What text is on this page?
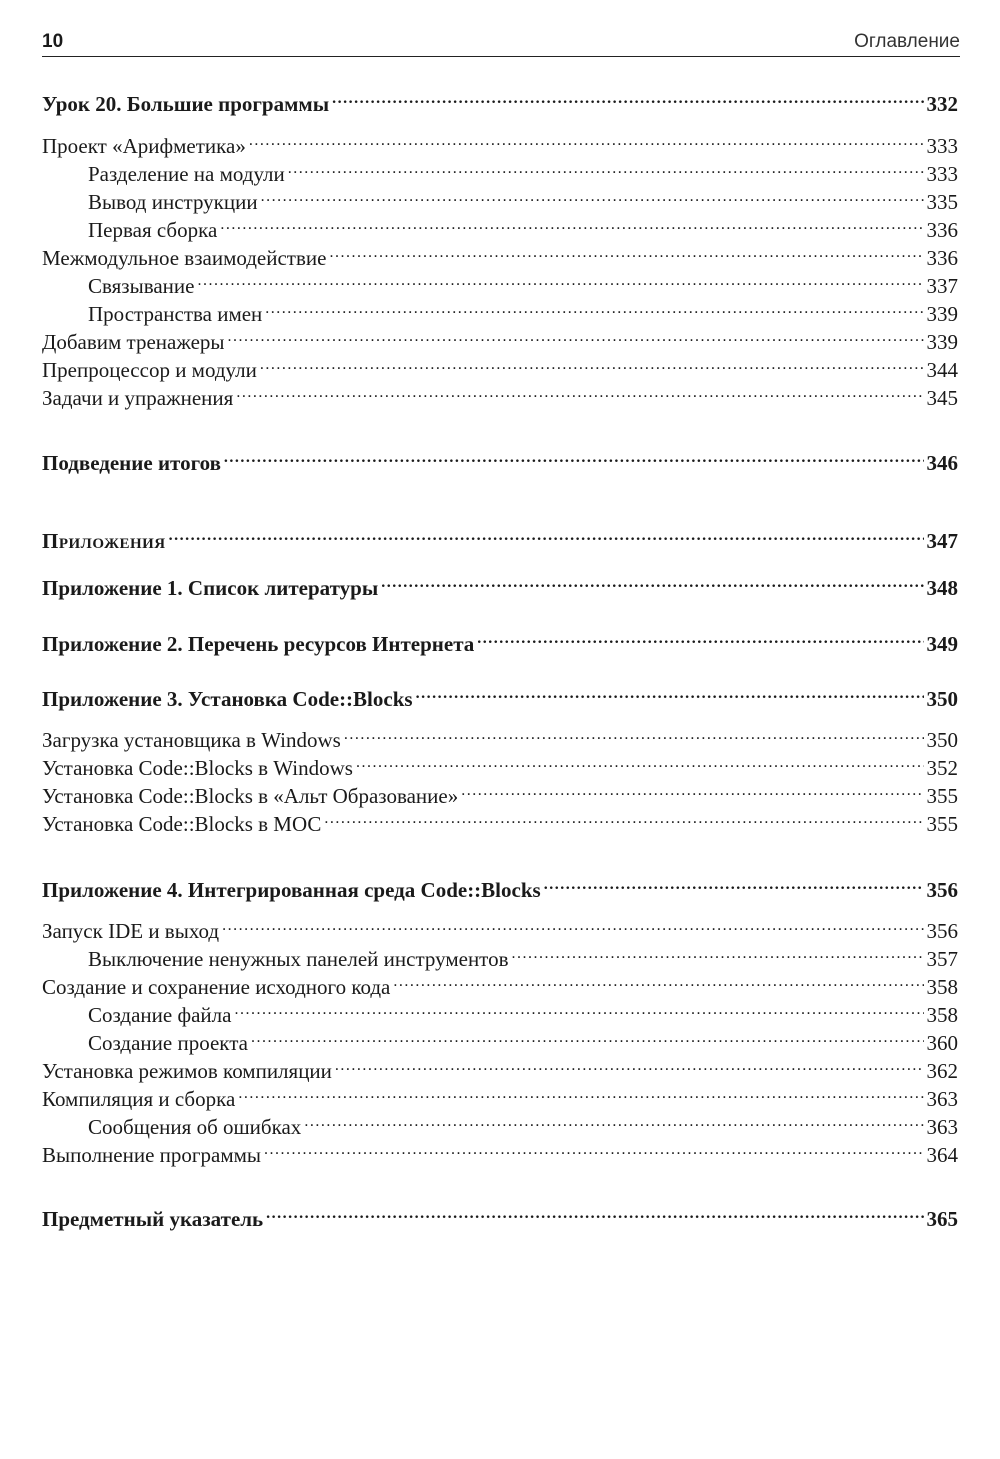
10	Оглавление
Урок 20. Большие программы .....	332
Проект «Арифметика» .....	333
Разделение на модули .....	333
Вывод инструкции .....	335
Первая сборка .....	336
Межмодульное взаимодействие .....	336
Связывание .....	337
Пространства имен .....	339
Добавим тренажеры .....	339
Препроцессор и модули .....	344
Задачи и упражнения .....	345
Подведение итогов .....	346
Приложения .....	347
Приложение 1. Список литературы .....	348
Приложение 2. Перечень ресурсов Интернета .....	349
Приложение 3. Установка Code::Blocks .....	350
Загрузка установщика в Windows .....	350
Установка Code::Blocks в Windows .....	352
Установка Code::Blocks в «Альт Образование» .....	355
Установка Code::Blocks в МОС .....	355
Приложение 4. Интегрированная среда Code::Blocks .....	356
Запуск IDE и выход .....	356
Выключение ненужных панелей инструментов .....	357
Создание и сохранение исходного кода .....	358
Создание файла .....	358
Создание проекта .....	360
Установка режимов компиляции .....	362
Компиляция и сборка .....	363
Сообщения об ошибках .....	363
Выполнение программы .....	364
Предметный указатель .....	365
